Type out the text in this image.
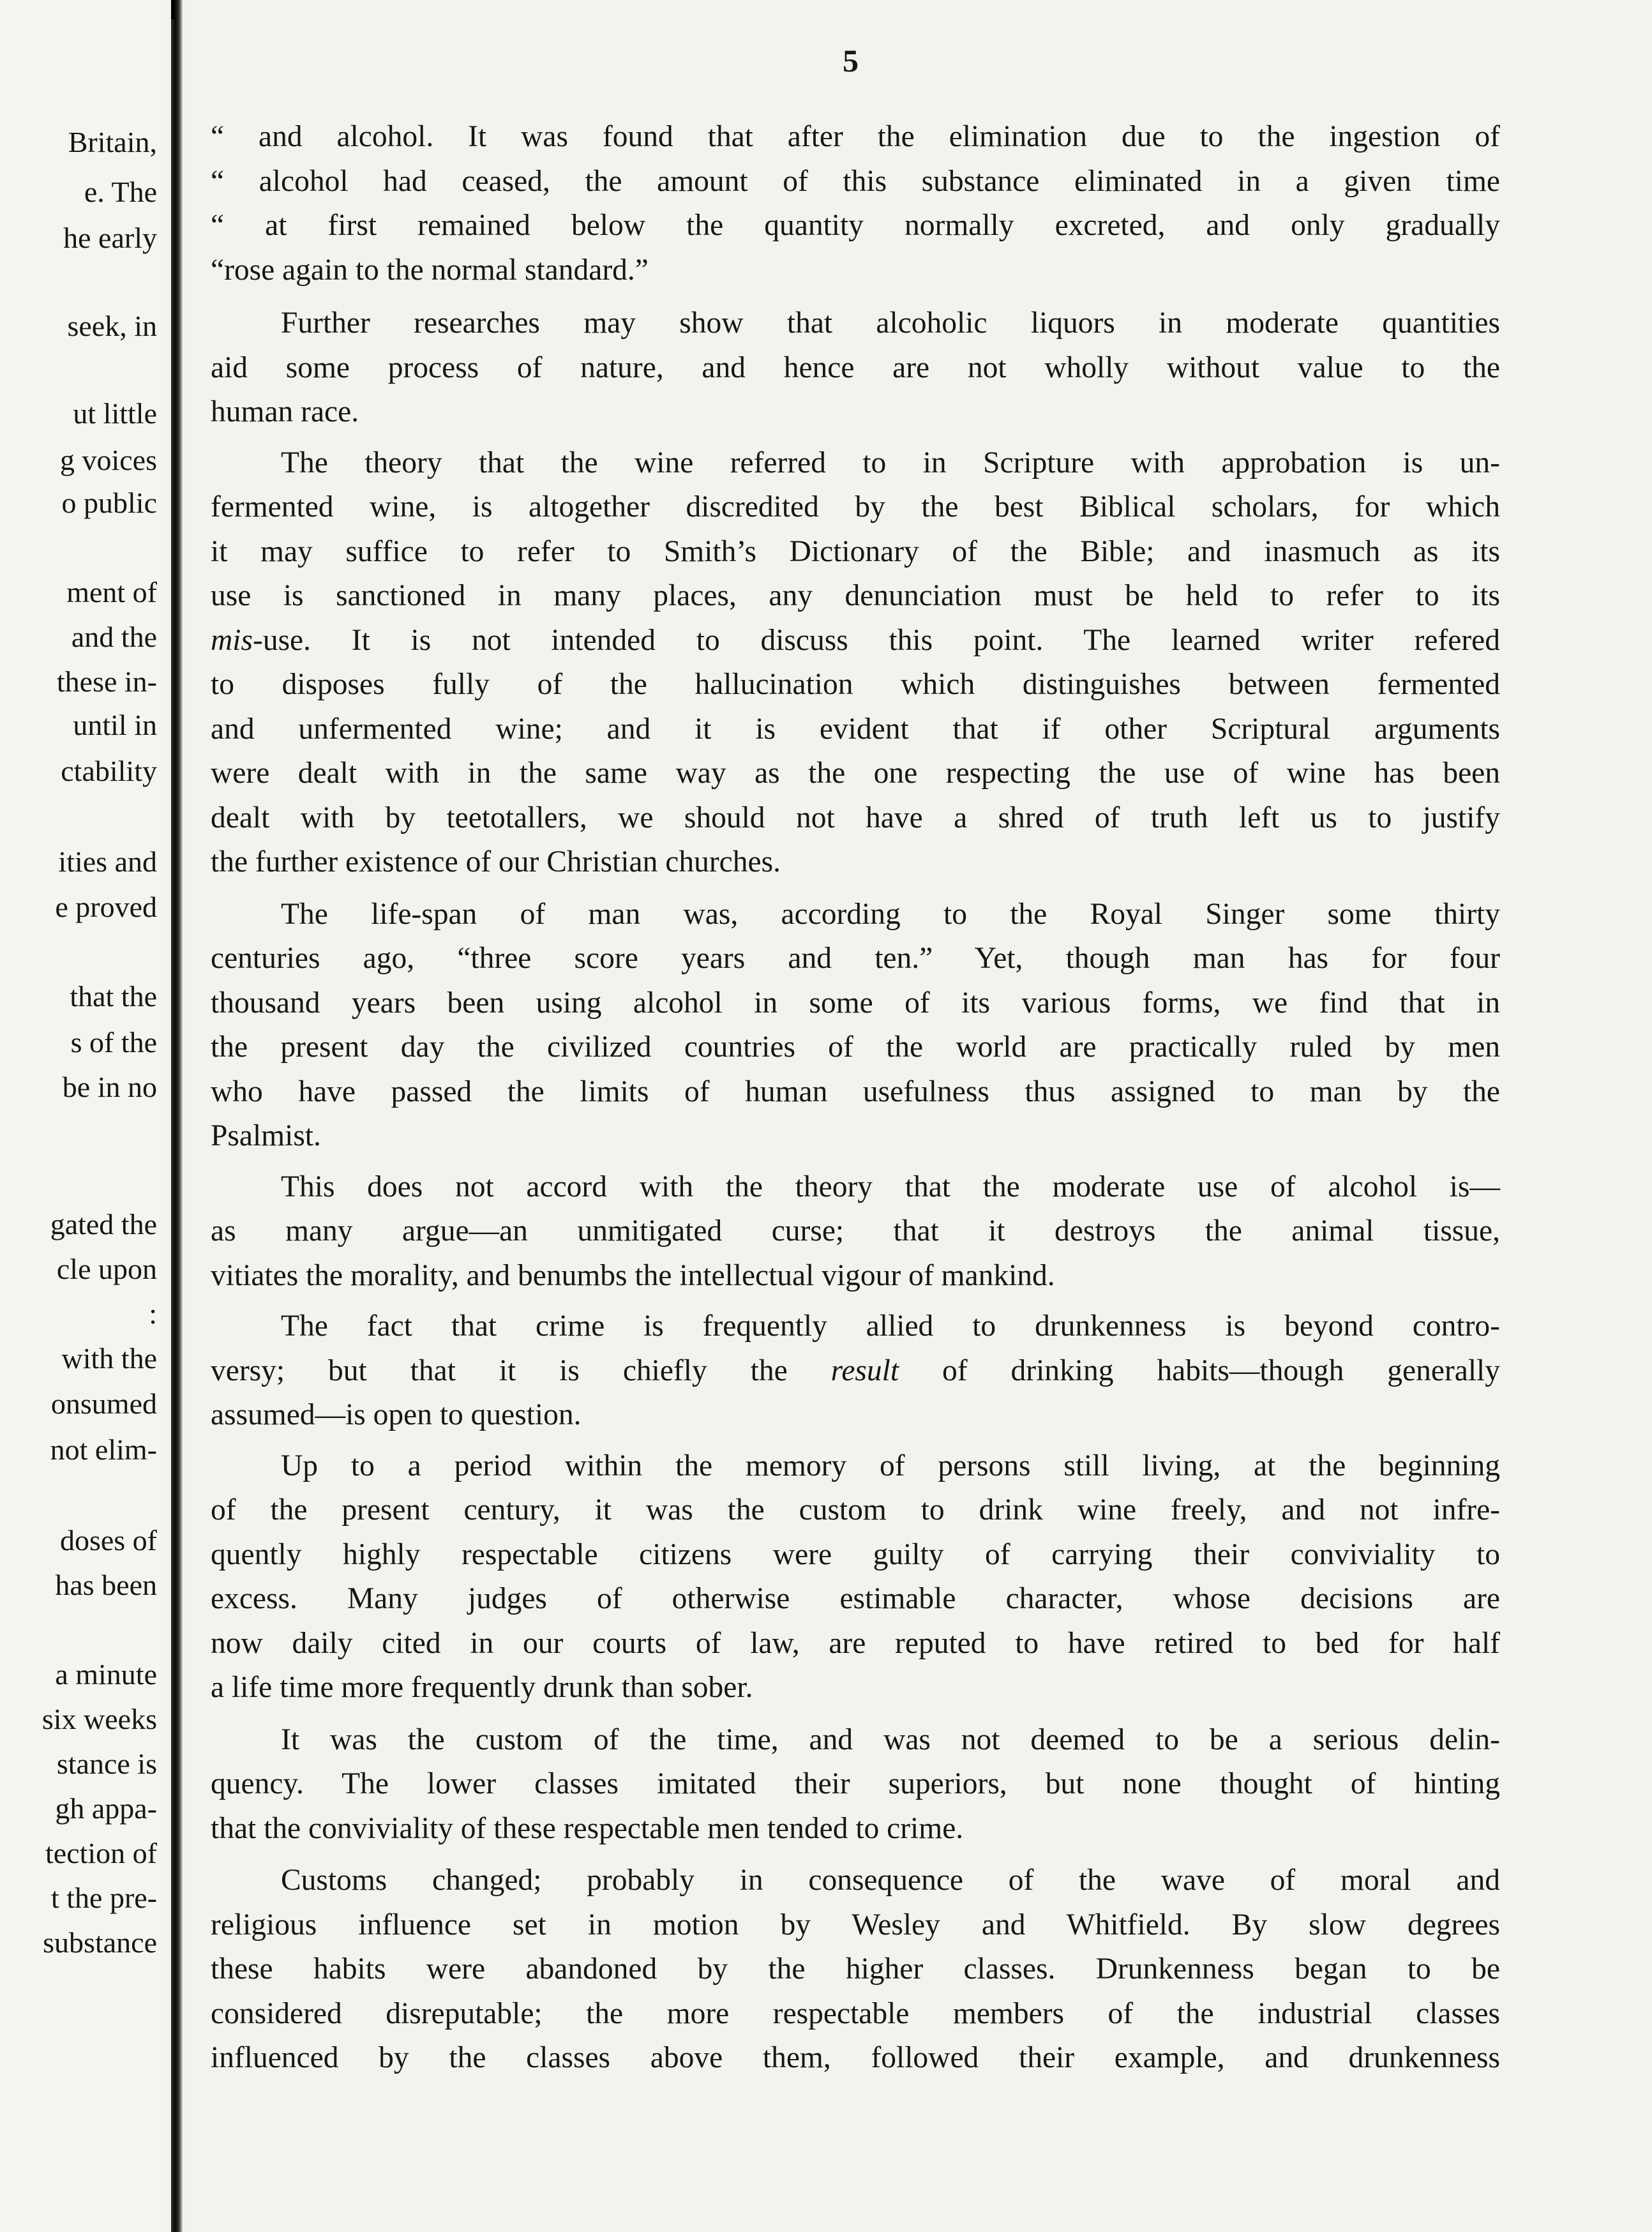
Britain,
e. The
he early
seek, in
ut little
g voices
o public
ment of
and the
these in-
until in
ctability
ities and
e proved
that the
s of the
be in no
gated the
cle upon
:
with the
onsumed
not elim-
doses of
has been
a minute
six weeks
stance is
gh appa-
tection of
t the pre-
substance
5
“ and alcohol. It was found that after the elimination due to the ingestion of
“ alcohol had ceased, the amount of this substance eliminated in a given time
“ at first remained below the quantity normally excreted, and only gradually
“rose again to the normal standard.”
Further researches may show that alcoholic liquors in moderate quantities
aid some process of nature, and hence are not wholly without value to the
human race.
The theory that the wine referred to in Scripture with approbation is un-
fermented wine, is altogether discredited by the best Biblical scholars, for which
it may suffice to refer to Smith’s Dictionary of the Bible; and inasmuch as its
use is sanctioned in many places, any denunciation must be held to refer to its
mis-use. It is not intended to discuss this point. The learned writer refered
to disposes fully of the hallucination which distinguishes between fermented
and unfermented wine; and it is evident that if other Scriptural arguments
were dealt with in the same way as the one respecting the use of wine has been
dealt with by teetotallers, we should not have a shred of truth left us to justify
the further existence of our Christian churches.
The life-span of man was, according to the Royal Singer some thirty
centuries ago, “three score years and ten.” Yet, though man has for four
thousand years been using alcohol in some of its various forms, we find that in
the present day the civilized countries of the world are practically ruled by men
who have passed the limits of human usefulness thus assigned to man by the
Psalmist.
This does not accord with the theory that the moderate use of alcohol is—
as many argue—an unmitigated curse; that it destroys the animal tissue,
vitiates the morality, and benumbs the intellectual vigour of mankind.
The fact that crime is frequently allied to drunkenness is beyond contro-
versy; but that it is chiefly the result of drinking habits—though generally
assumed—is open to question.
Up to a period within the memory of persons still living, at the beginning
of the present century, it was the custom to drink wine freely, and not infre-
quently highly respectable citizens were guilty of carrying their conviviality to
excess. Many judges of otherwise estimable character, whose decisions are
now daily cited in our courts of law, are reputed to have retired to bed for half
a life time more frequently drunk than sober.
It was the custom of the time, and was not deemed to be a serious delin-
quency. The lower classes imitated their superiors, but none thought of hinting
that the conviviality of these respectable men tended to crime.
Customs changed; probably in consequence of the wave of moral and
religious influence set in motion by Wesley and Whitfield. By slow degrees
these habits were abandoned by the higher classes. Drunkenness began to be
considered disreputable; the more respectable members of the industrial classes
influenced by the classes above them, followed their example, and drunkenness
